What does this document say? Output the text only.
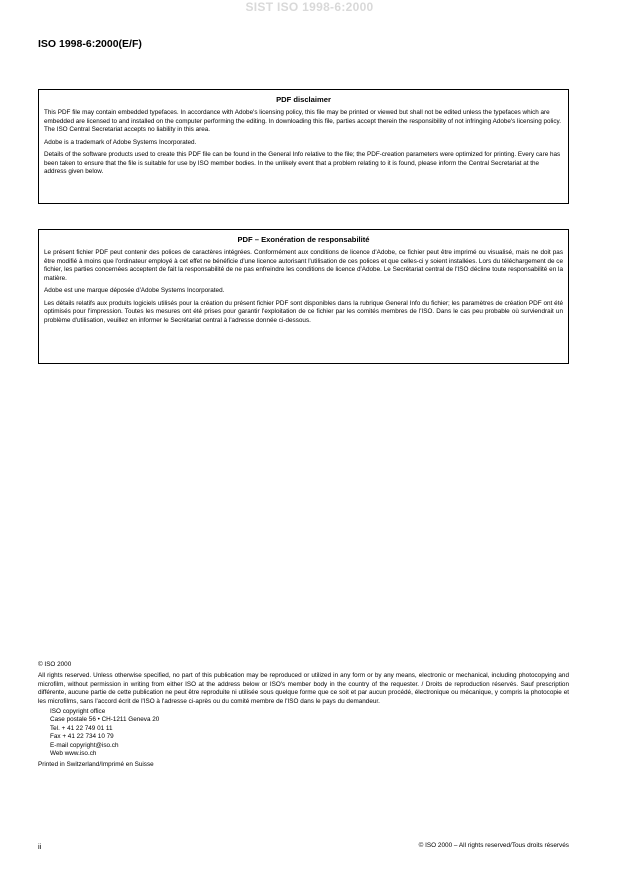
SIST ISO 1998-6:2000
ISO 1998-6:2000(E/F)
PDF disclaimer

This PDF file may contain embedded typefaces. In accordance with Adobe's licensing policy, this file may be printed or viewed but shall not be edited unless the typefaces which are embedded are licensed to and installed on the computer performing the editing. In downloading this file, parties accept therein the responsibility of not infringing Adobe's licensing policy. The ISO Central Secretariat accepts no liability in this area.

Adobe is a trademark of Adobe Systems Incorporated.

Details of the software products used to create this PDF file can be found in the General Info relative to the file; the PDF-creation parameters were optimized for printing. Every care has been taken to ensure that the file is suitable for use by ISO member bodies. In the unlikely event that a problem relating to it is found, please inform the Central Secretariat at the address given below.

PDF – Exonération de responsabilité

Le présent fichier PDF peut contenir des polices de caractères intégrées. Conformément aux conditions de licence d'Adobe, ce fichier peut être imprimé ou visualisé, mais ne doit pas être modifié à moins que l'ordinateur employé à cet effet ne bénéficie d'une licence autorisant l'utilisation de ces polices et que celles-ci y soient installées. Lors du téléchargement de ce fichier, les parties concernées acceptent de fait la responsabilité de ne pas enfreindre les conditions de licence d'Adobe. Le Secrétariat central de l'ISO décline toute responsabilité en la matière.

Adobe est une marque déposée d'Adobe Systems Incorporated.

Les détails relatifs aux produits logiciels utilisés pour la création du présent fichier PDF sont disponibles dans la rubrique General Info du fichier; les paramètres de création PDF ont été optimisés pour l'impression. Toutes les mesures ont été prises pour garantir l'exploitation de ce fichier par les comités membres de l'ISO. Dans le cas peu probable où surviendrait un problème d'utilisation, veuillez en informer le Secrétariat central à l'adresse donnée ci-dessous.

© ISO 2000
All rights reserved. Unless otherwise specified, no part of this publication may be reproduced or utilized in any form or by any means, electronic or mechanical, including photocopying and microfilm, without permission in writing from either ISO at the address below or ISO's member body in the country of the requester. / Droits de reproduction réservés. Sauf prescription différente, aucune partie de cette publication ne peut être reproduite ni utilisée sous quelque forme que ce soit et par aucun procédé, électronique ou mécanique, y compris la photocopie et les microfilms, sans l'accord écrit de l'ISO à l'adresse ci-après ou du comité membre de l'ISO dans le pays du demandeur.
ISO copyright office
Case postale 56 • CH-1211 Geneva 20
Tel. + 41 22 749 01 11
Fax + 41 22 734 10 79
E-mail copyright@iso.ch
Web www.iso.ch
Printed in Switzerland/Imprimé en Suisse
ii	© ISO 2000 – All rights reserved/Tous droits réservés
